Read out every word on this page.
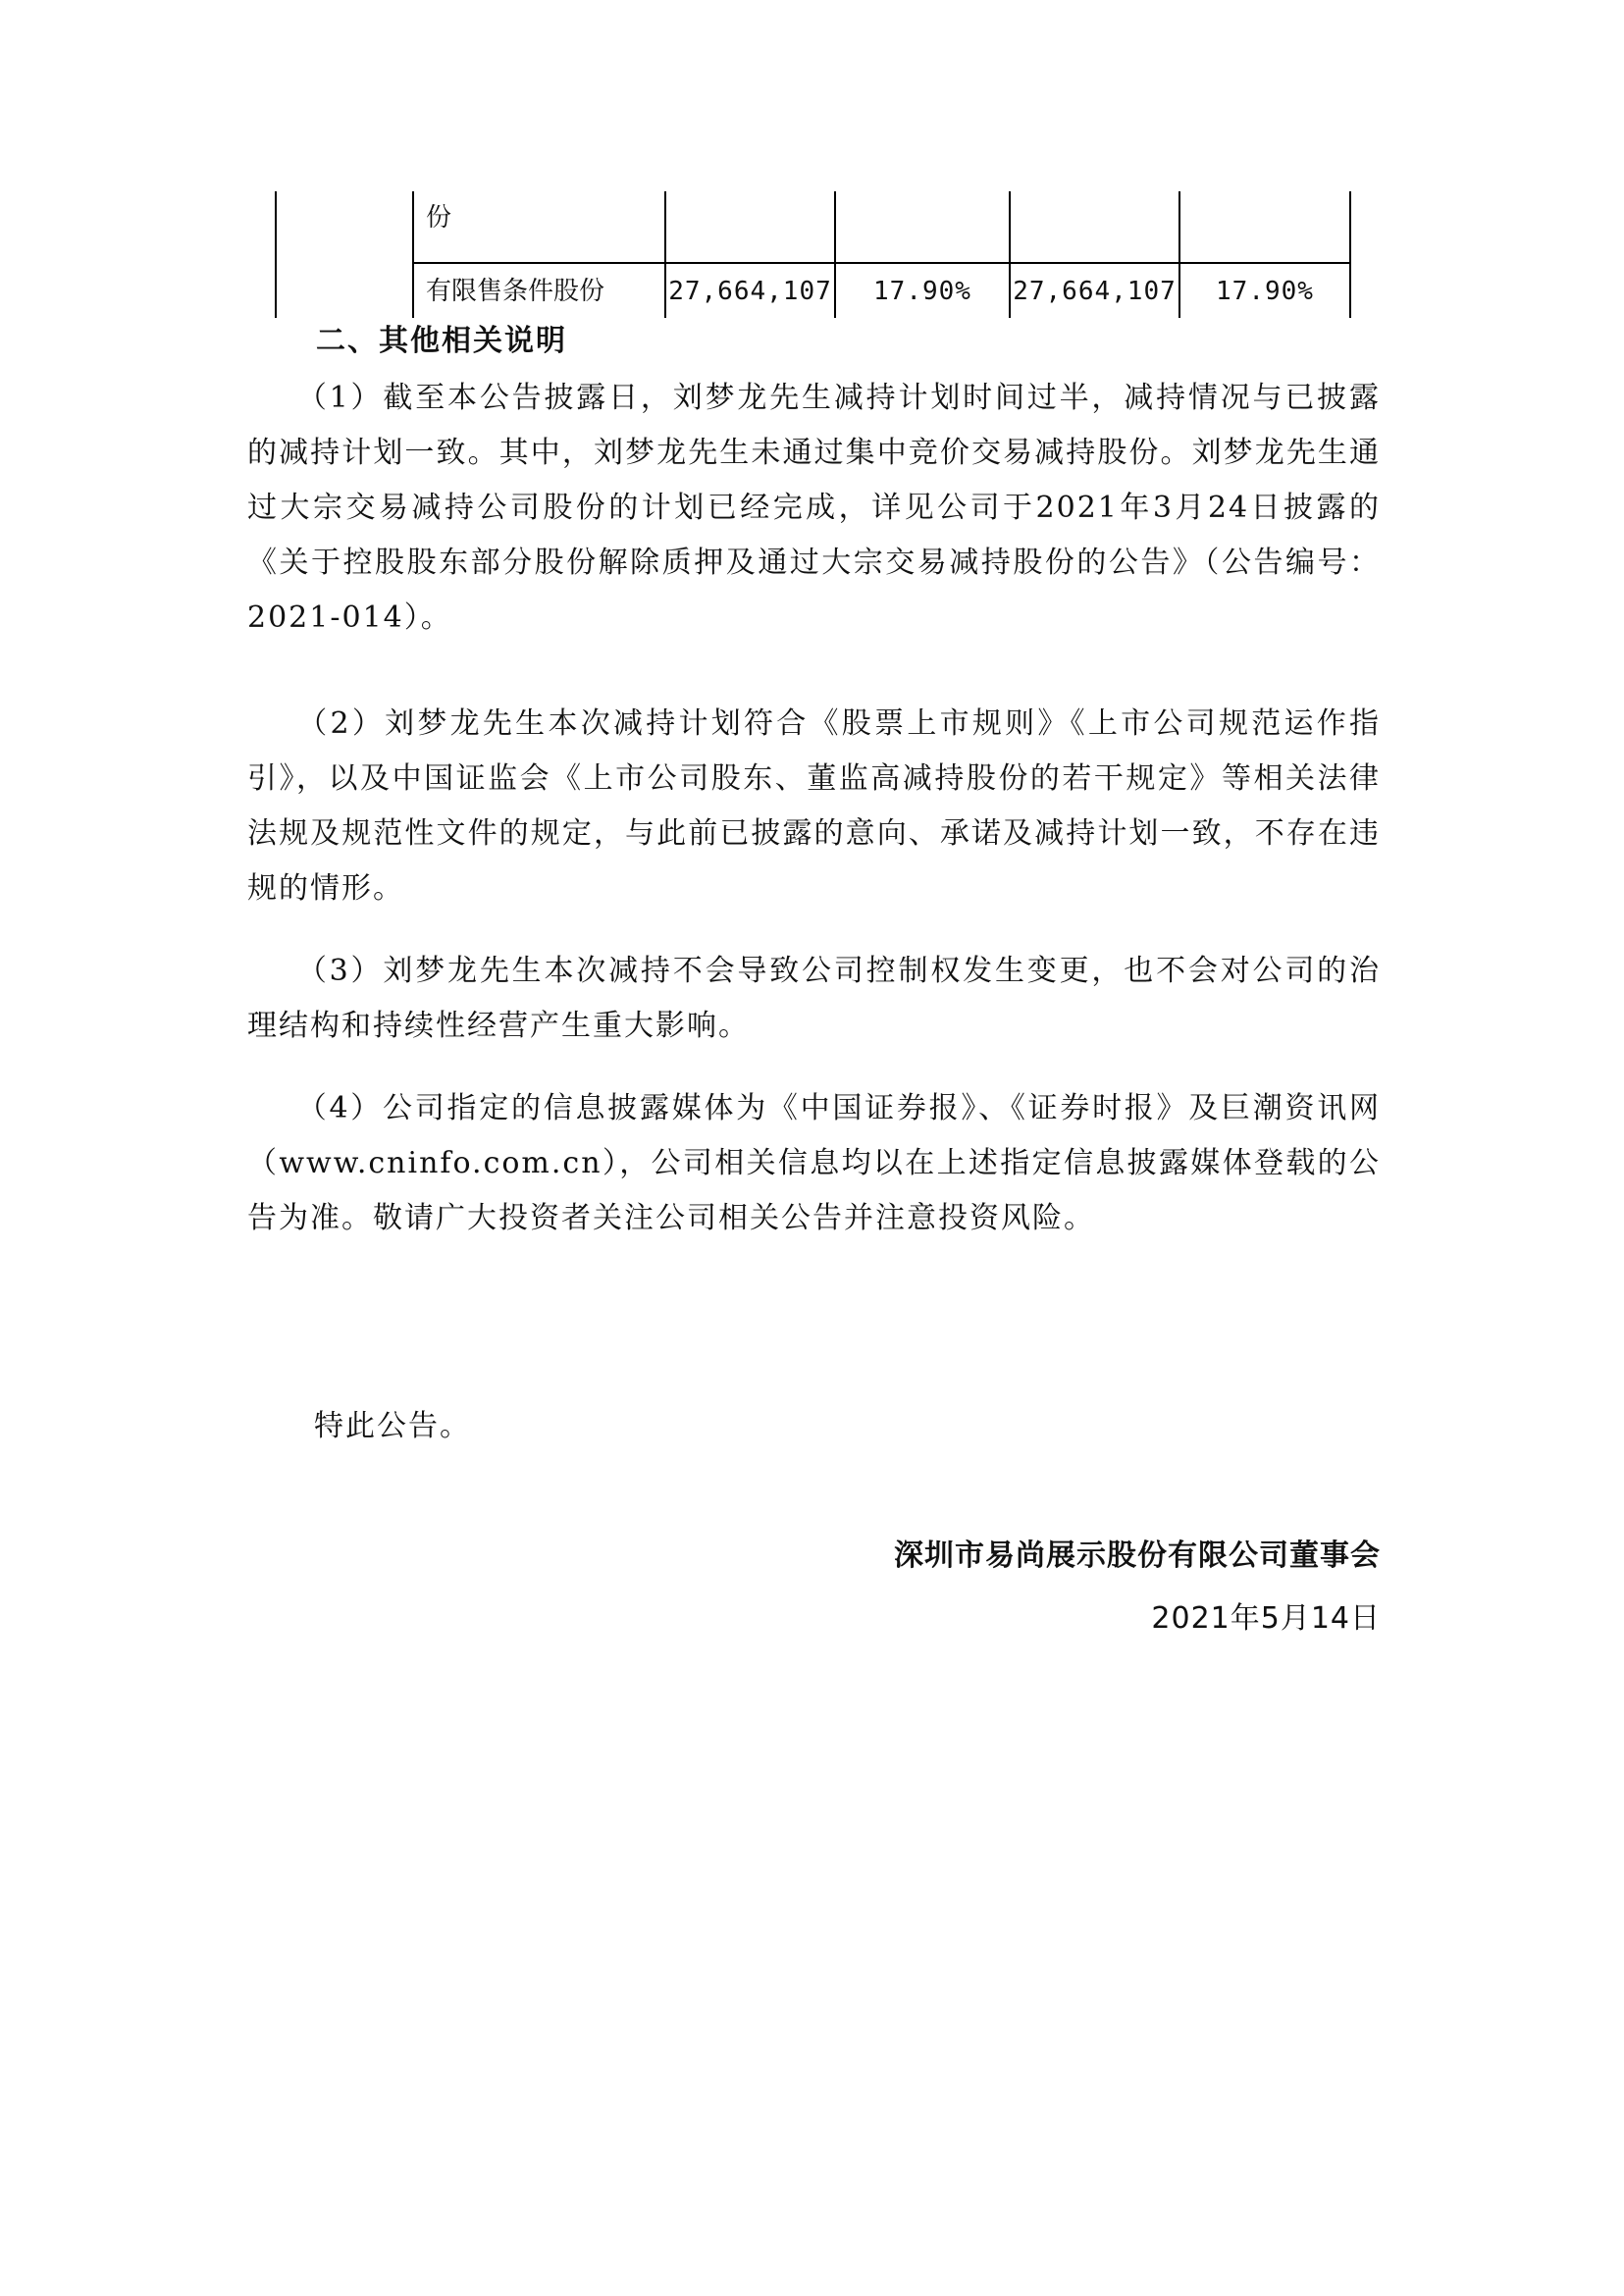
	份				
	有限售条件股份	27,664,107	17.90%	27,664,107	17.90%
二、其他相关说明

（1）截至本公告披露日，刘梦龙先生减持计划时间过半，减持情况与已披露的减持计划一致。其中，刘梦龙先生未通过集中竞价交易减持股份。刘梦龙先生通过大宗交易减持公司股份的计划已经完成，详见公司于2021年3月24日披露的《关于控股股东部分股份解除质押及通过大宗交易减持股份的公告》（公告编号：2021-014）。

（2）刘梦龙先生本次减持计划符合《股票上市规则》《上市公司规范运作指引》，以及中国证监会《上市公司股东、董监高减持股份的若干规定》等相关法律法规及规范性文件的规定，与此前已披露的意向、承诺及减持计划一致，不存在违规的情形。

（3）刘梦龙先生本次减持不会导致公司控制权发生变更，也不会对公司的治理结构和持续性经营产生重大影响。

（4）公司指定的信息披露媒体为《中国证券报》、《证券时报》及巨潮资讯网（www.cninfo.com.cn），公司相关信息均以在上述指定信息披露媒体登载的公告为准。敬请广大投资者关注公司相关公告并注意投资风险。

特此公告。
深圳市易尚展示股份有限公司董事会
2021年5月14日
